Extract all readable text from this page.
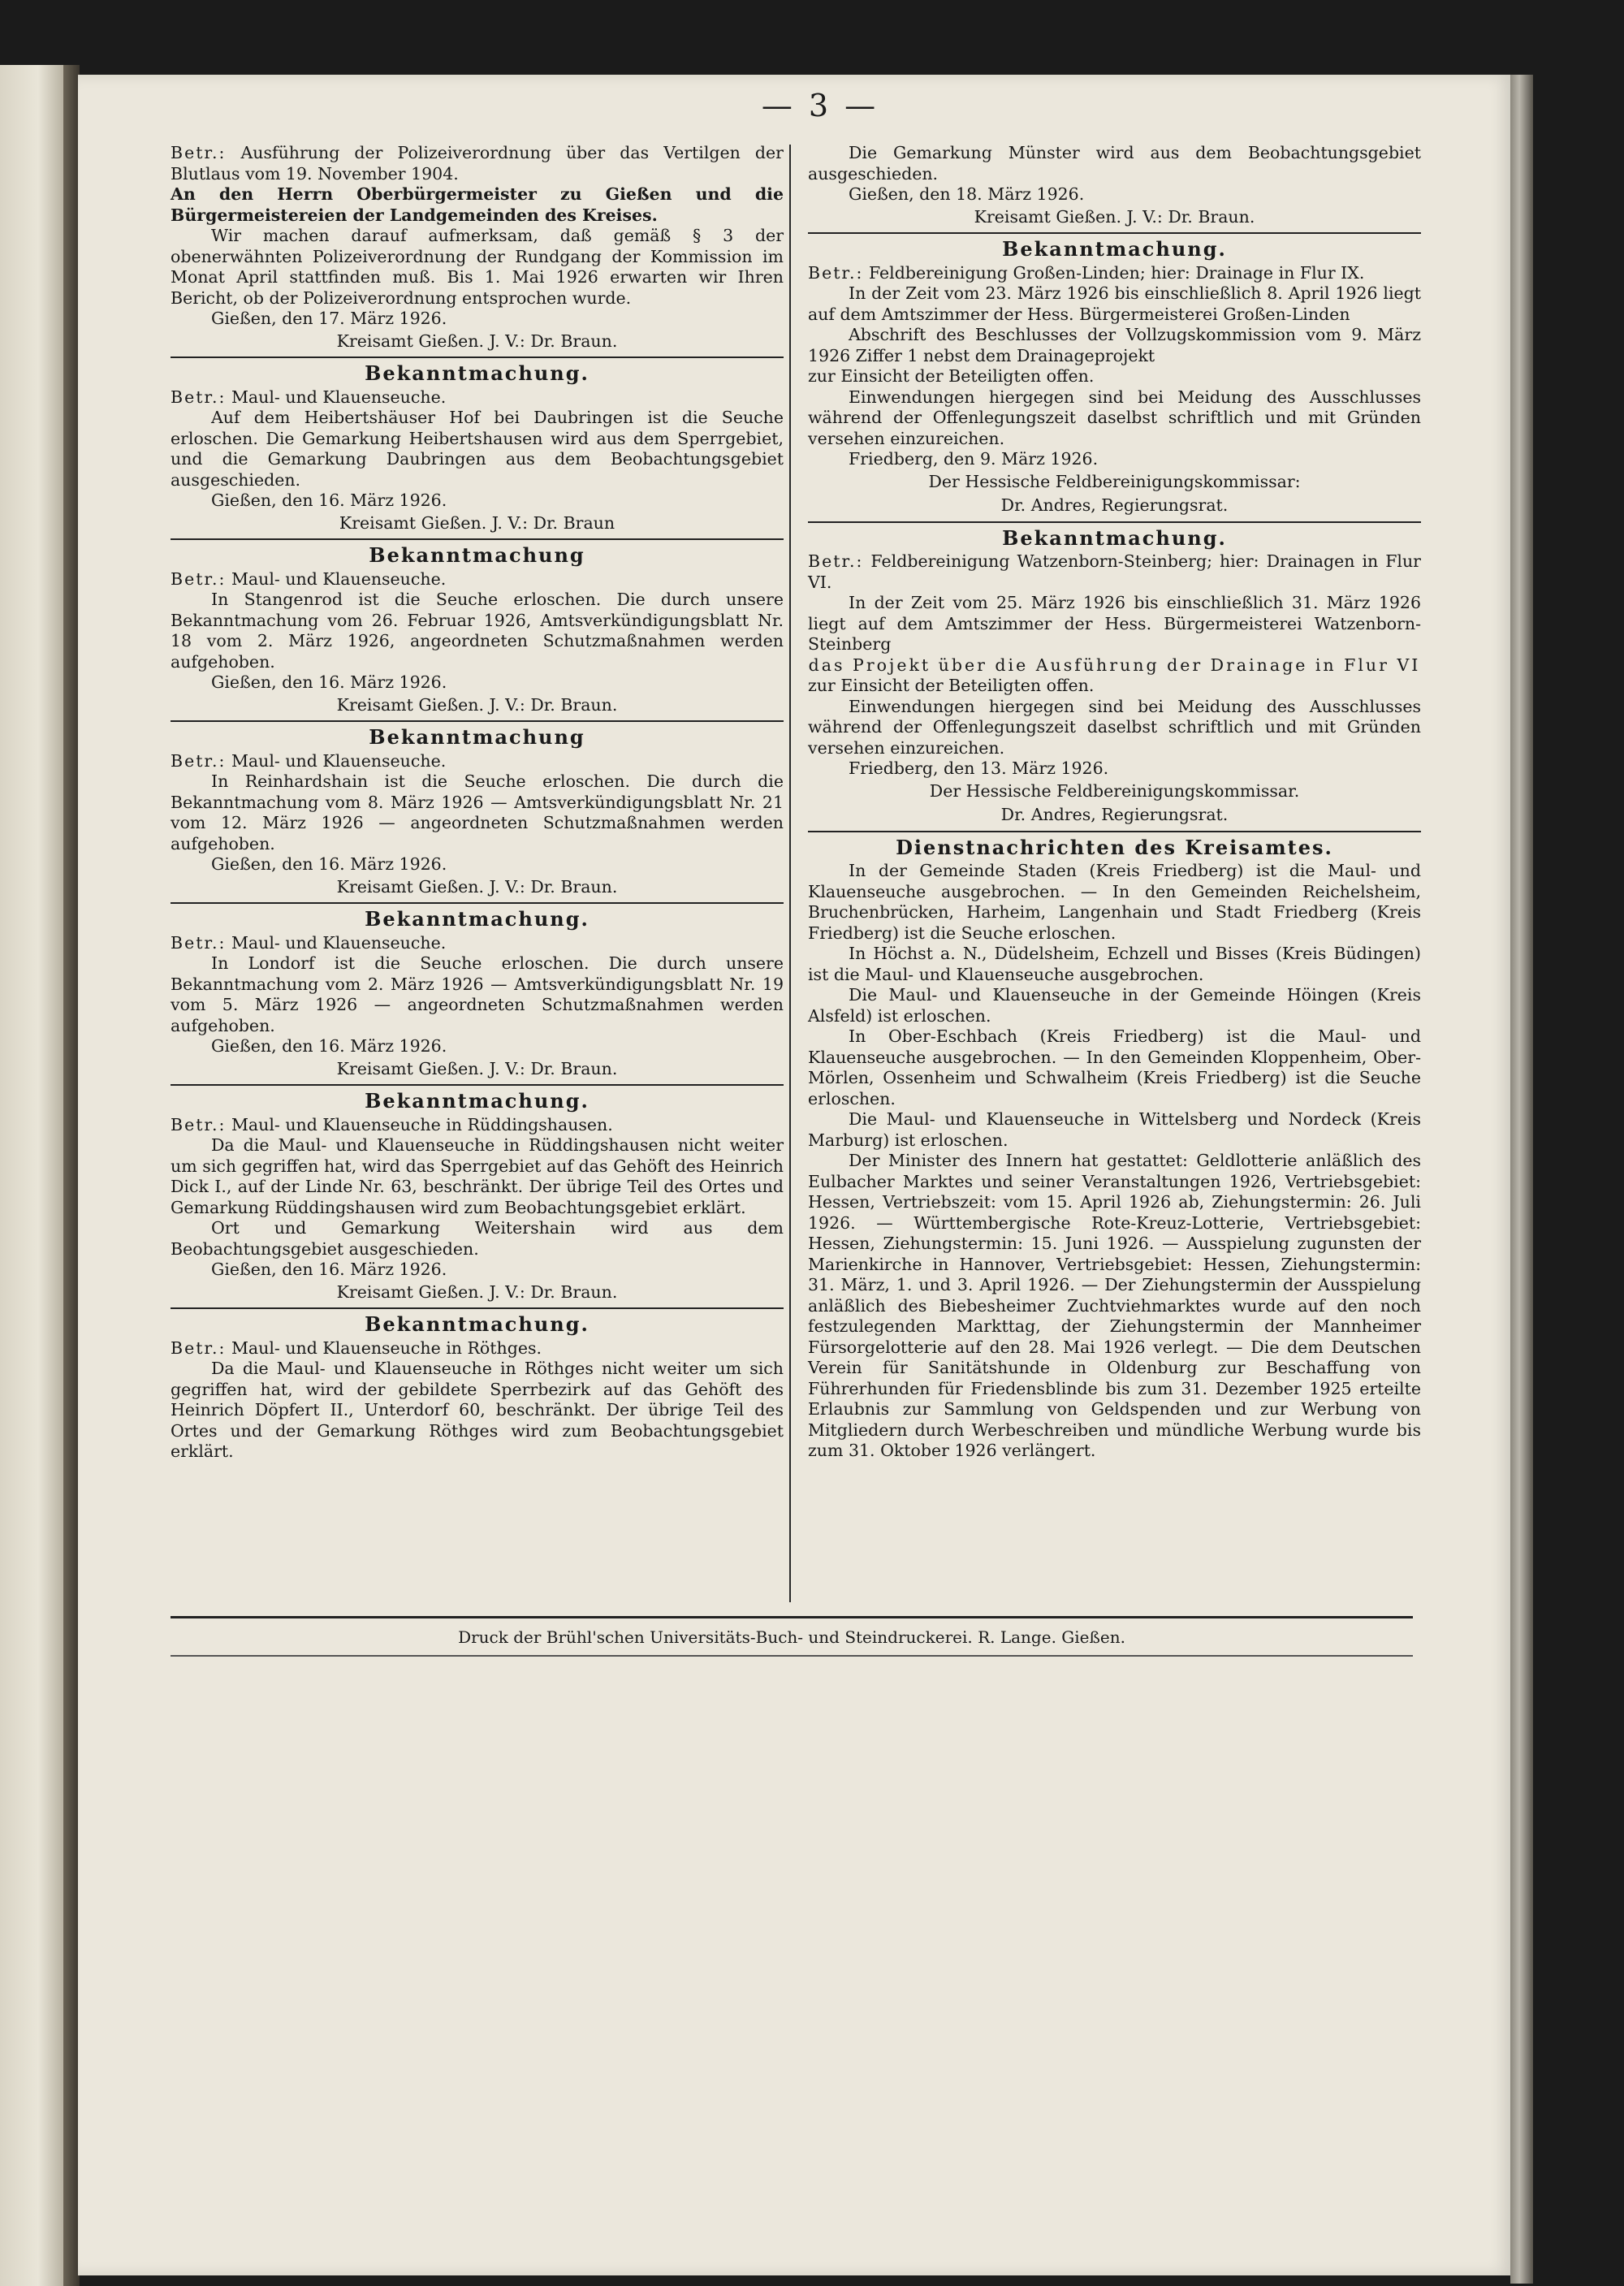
— 3 —

Betr.: Ausführung der Polizeiverordnung über das Vertilgen der Blutlaus vom 19. November 1904.

An den Herrn Oberbürgermeister zu Gießen und die Bürgermeistereien der Landgemeinden des Kreises.

Wir machen darauf aufmerksam, daß gemäß § 3 der obenerwähnten Polizeiverordnung der Rundgang der Kommission im Monat April stattfinden muß. Bis 1. Mai 1926 erwarten wir Ihren Bericht, ob der Polizeiverordnung entsprochen wurde.

Gießen, den 17. März 1926.

Kreisamt Gießen. J. V.: Dr. Braun.

Bekanntmachung.

Betr.: Maul- und Klauenseuche.

Auf dem Heibertshäuser Hof bei Daubringen ist die Seuche erloschen. Die Gemarkung Heibertshausen wird aus dem Sperrgebiet, und die Gemarkung Daubringen aus dem Beobachtungsgebiet ausgeschieden.

Gießen, den 16. März 1926.

Kreisamt Gießen. J. V.: Dr. Braun

Bekanntmachung

Betr.: Maul- und Klauenseuche.

In Stangenrod ist die Seuche erloschen. Die durch unsere Bekanntmachung vom 26. Februar 1926, Amtsverkündigungsblatt Nr. 18 vom 2. März 1926, angeordneten Schutzmaßnahmen werden aufgehoben.

Gießen, den 16. März 1926.

Kreisamt Gießen. J. V.: Dr. Braun.

Bekanntmachung

Betr.: Maul- und Klauenseuche.

In Reinhardshain ist die Seuche erloschen. Die durch die Bekanntmachung vom 8. März 1926 — Amtsverkündigungsblatt Nr. 21 vom 12. März 1926 — angeordneten Schutzmaßnahmen werden aufgehoben.

Gießen, den 16. März 1926.

Kreisamt Gießen. J. V.: Dr. Braun.

Bekanntmachung.

Betr.: Maul- und Klauenseuche.

In Londorf ist die Seuche erloschen. Die durch unsere Bekanntmachung vom 2. März 1926 — Amtsverkündigungsblatt Nr. 19 vom 5. März 1926 — angeordneten Schutzmaßnahmen werden aufgehoben.

Gießen, den 16. März 1926.

Kreisamt Gießen. J. V.: Dr. Braun.

Bekanntmachung.

Betr.: Maul- und Klauenseuche in Rüddingshausen.

Da die Maul- und Klauenseuche in Rüddingshausen nicht weiter um sich gegriffen hat, wird das Sperrgebiet auf das Gehöft des Heinrich Dick I., auf der Linde Nr. 63, beschränkt. Der übrige Teil des Ortes und Gemarkung Rüddingshausen wird zum Beobachtungsgebiet erklärt.

Ort und Gemarkung Weitershain wird aus dem Beobachtungsgebiet ausgeschieden.

Gießen, den 16. März 1926.

Kreisamt Gießen. J. V.: Dr. Braun.

Bekanntmachung.

Betr.: Maul- und Klauenseuche in Röthges.

Da die Maul- und Klauenseuche in Röthges nicht weiter um sich gegriffen hat, wird der gebildete Sperrbezirk auf das Gehöft des Heinrich Döpfert II., Unterdorf 60, beschränkt. Der übrige Teil des Ortes und der Gemarkung Röthges wird zum Beobachtungsgebiet erklärt.

Die Gemarkung Münster wird aus dem Beobachtungsgebiet ausgeschieden.

Gießen, den 18. März 1926.

Kreisamt Gießen. J. V.: Dr. Braun.

Bekanntmachung.

Betr.: Feldbereinigung Großen-Linden; hier: Drainage in Flur IX.

In der Zeit vom 23. März 1926 bis einschließlich 8. April 1926 liegt auf dem Amtszimmer der Hess. Bürgermeisterei Großen-Linden

Abschrift des Beschlusses der Vollzugskommission vom 9. März 1926 Ziffer 1 nebst dem Drainageprojekt

zur Einsicht der Beteiligten offen.

Einwendungen hiergegen sind bei Meidung des Ausschlusses während der Offenlegungszeit daselbst schriftlich und mit Gründen versehen einzureichen.

Friedberg, den 9. März 1926.

Der Hessische Feldbereinigungskommissar:

Dr. Andres, Regierungsrat.

Bekanntmachung.

Betr.: Feldbereinigung Watzenborn-Steinberg; hier: Drainagen in Flur VI.

In der Zeit vom 25. März 1926 bis einschließlich 31. März 1926 liegt auf dem Amtszimmer der Hess. Bürgermeisterei Watzenborn-Steinberg

das Projekt über die Ausführung der Drainage in Flur VI

zur Einsicht der Beteiligten offen.

Einwendungen hiergegen sind bei Meidung des Ausschlusses während der Offenlegungszeit daselbst schriftlich und mit Gründen versehen einzureichen.

Friedberg, den 13. März 1926.

Der Hessische Feldbereinigungskommissar.

Dr. Andres, Regierungsrat.

Dienstnachrichten des Kreisamtes.

In der Gemeinde Staden (Kreis Friedberg) ist die Maul- und Klauenseuche ausgebrochen. — In den Gemeinden Reichelsheim, Bruchenbrücken, Harheim, Langenhain und Stadt Friedberg (Kreis Friedberg) ist die Seuche erloschen.

In Höchst a. N., Düdelsheim, Echzell und Bisses (Kreis Büdingen) ist die Maul- und Klauenseuche ausgebrochen.

Die Maul- und Klauenseuche in der Gemeinde Höingen (Kreis Alsfeld) ist erloschen.

In Ober-Eschbach (Kreis Friedberg) ist die Maul- und Klauenseuche ausgebrochen. — In den Gemeinden Kloppenheim, Ober-Mörlen, Ossenheim und Schwalheim (Kreis Friedberg) ist die Seuche erloschen.

Die Maul- und Klauenseuche in Wittelsberg und Nordeck (Kreis Marburg) ist erloschen.

Der Minister des Innern hat gestattet: Geldlotterie anläßlich des Eulbacher Marktes und seiner Veranstaltungen 1926, Vertriebsgebiet: Hessen, Vertriebszeit: vom 15. April 1926 ab, Ziehungstermin: 26. Juli 1926. — Württembergische Rote-Kreuz-Lotterie, Vertriebsgebiet: Hessen, Ziehungstermin: 15. Juni 1926. — Ausspielung zugunsten der Marienkirche in Hannover, Vertriebsgebiet: Hessen, Ziehungstermin: 31. März, 1. und 3. April 1926. — Der Ziehungstermin der Ausspielung anläßlich des Biebesheimer Zuchtviehmarktes wurde auf den noch festzulegenden Markttag, der Ziehungstermin der Mannheimer Fürsorgelotterie auf den 28. Mai 1926 verlegt. — Die dem Deutschen Verein für Sanitätshunde in Oldenburg zur Beschaffung von Führerhunden für Friedensblinde bis zum 31. Dezember 1925 erteilte Erlaubnis zur Sammlung von Geldspenden und zur Werbung von Mitgliedern durch Werbeschreiben und mündliche Werbung wurde bis zum 31. Oktober 1926 verlängert.

Druck der Brühl'schen Universitäts-Buch- und Steindruckerei. R. Lange. Gießen.
